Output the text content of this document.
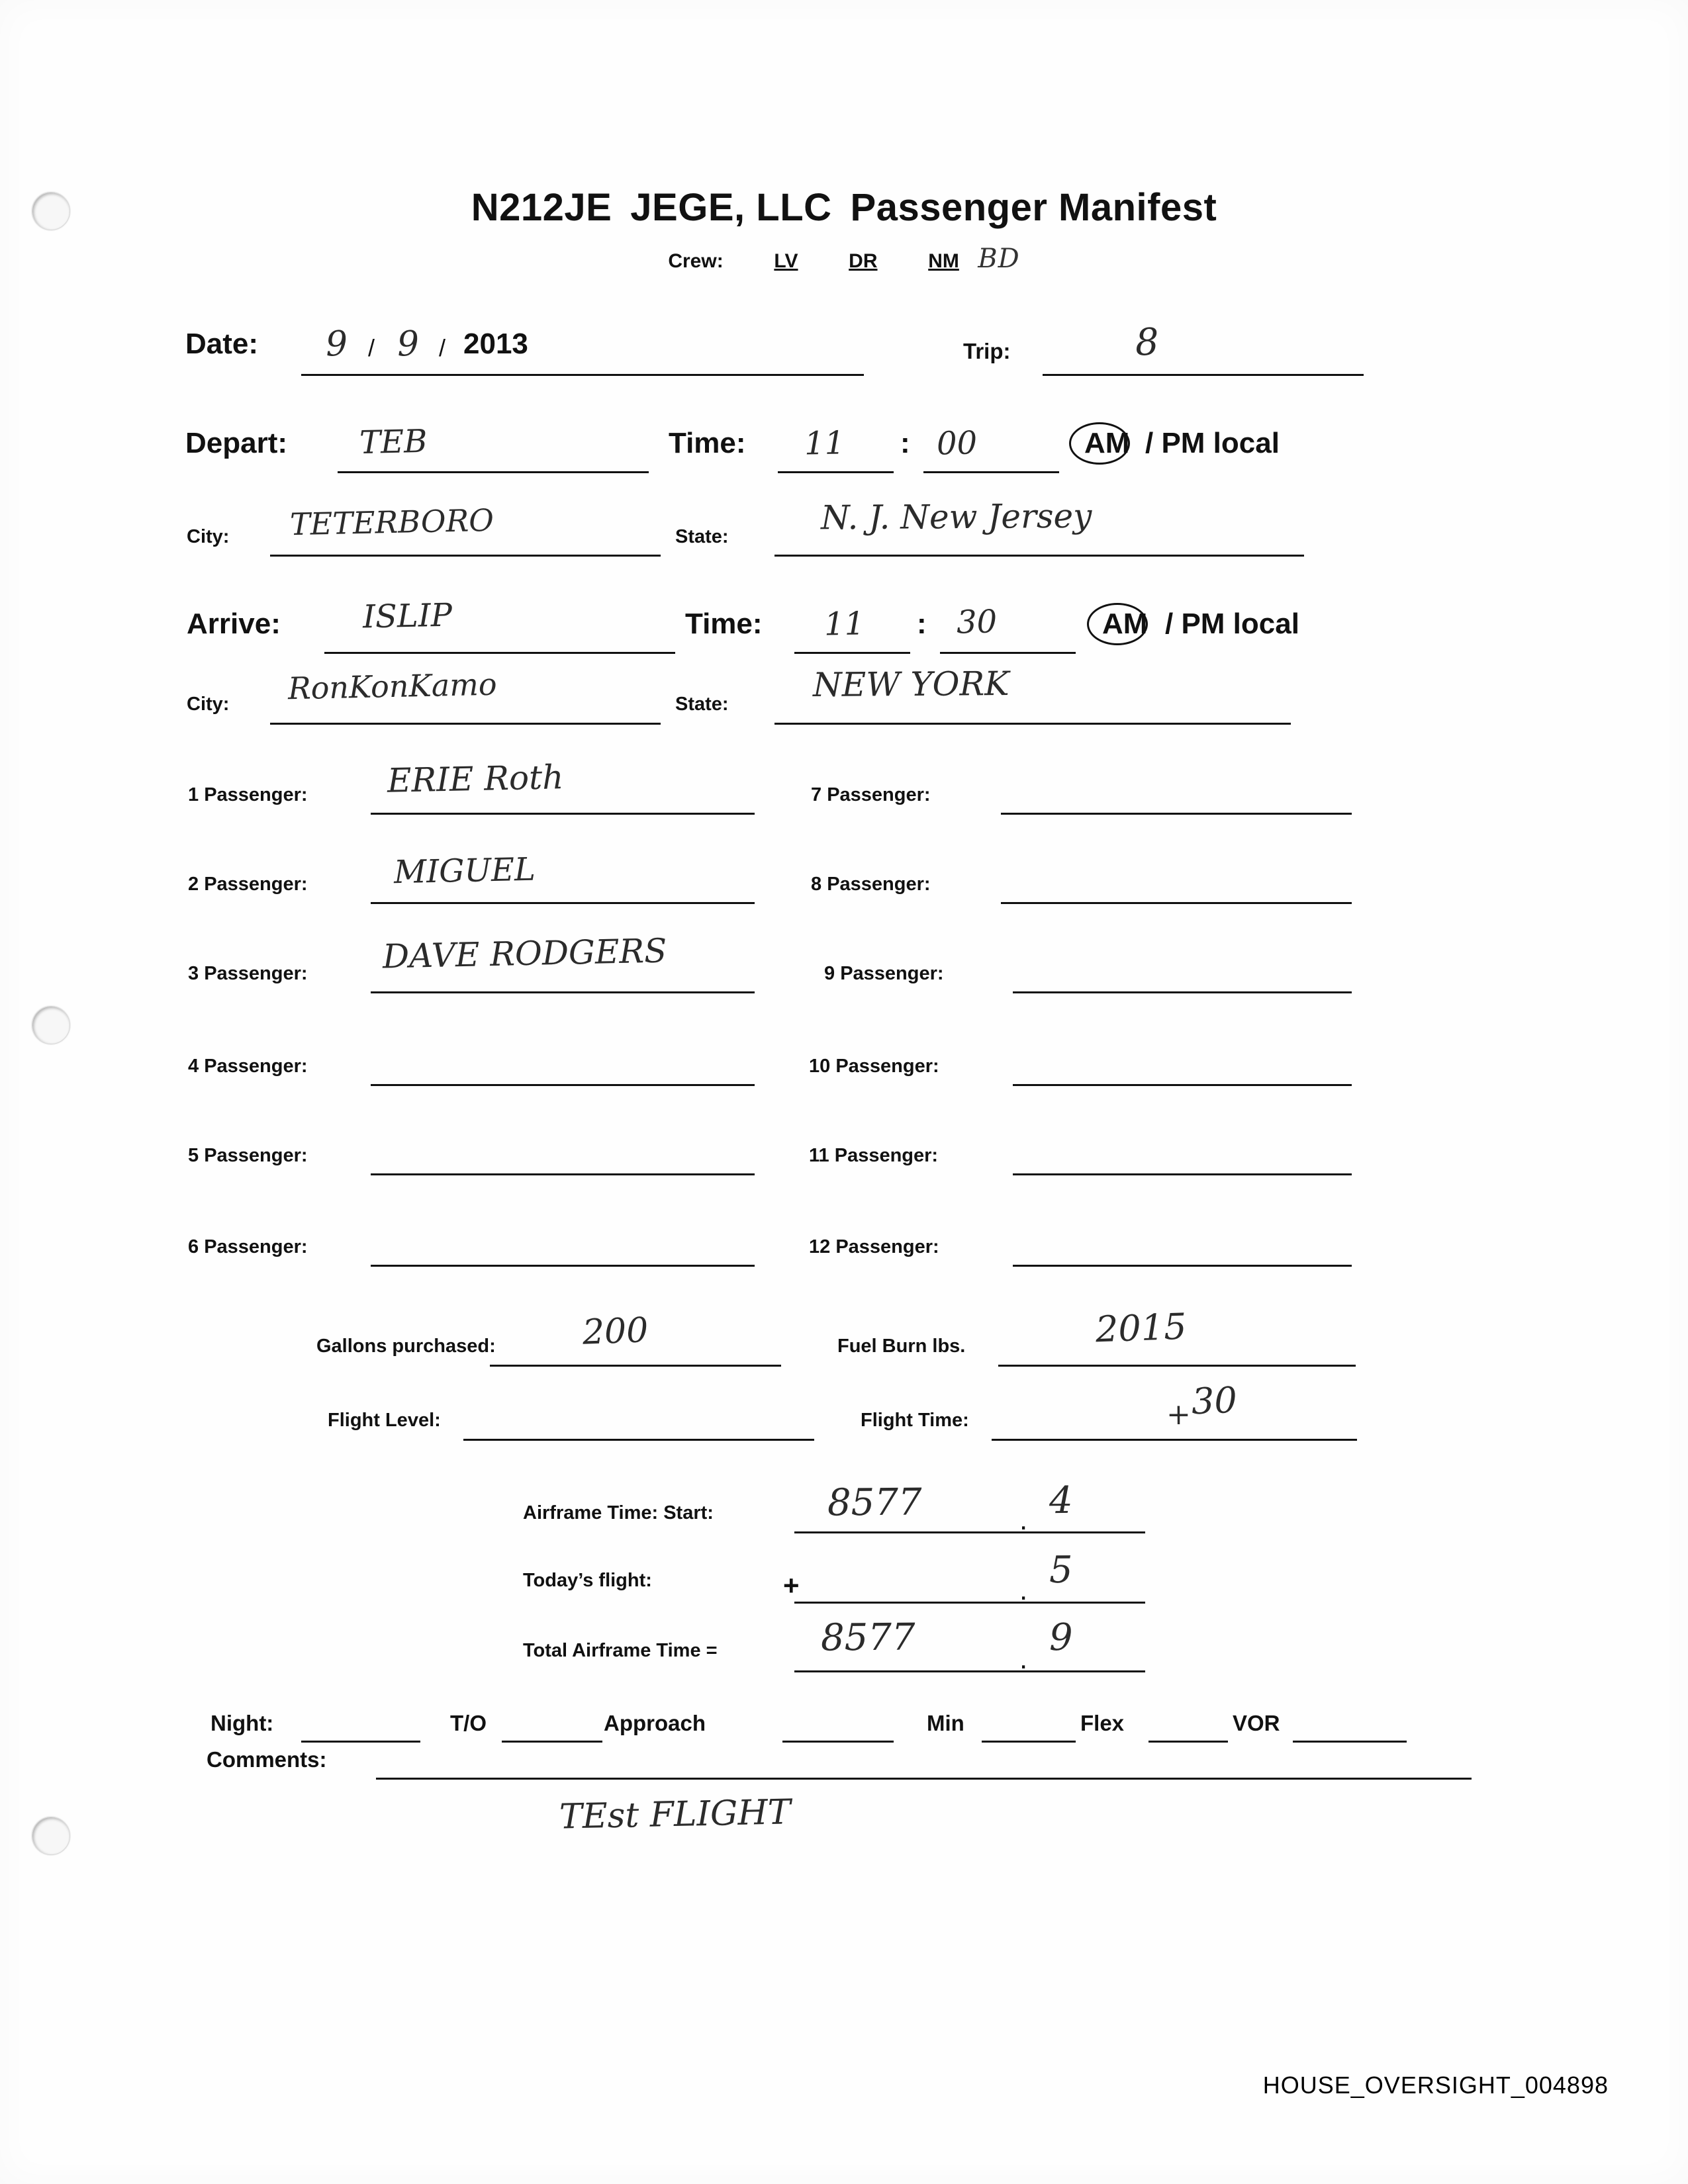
N212JE JEGE, LLC Passenger Manifest
Crew:	LV	DR	NM BD
Date: 9 / 9 / 2013	Trip:	8
Depart: TEB	Time: 11 : 00	AM / PM local
City: TETERBORO	State:	N. J. New Jersey
Arrive:	ISLIP	Time: 11 : 30	AM / PM local
City: RonKonKamo	State:	NEW YORK
1 Passenger: ERIE Roth
2 Passenger:	MIGUEL
3 Passenger: DAVE RODGERS
4 Passenger:
5 Passenger:
6 Passenger:
7 Passenger:
8 Passenger:
9 Passenger:
10 Passenger:
11 Passenger:
12 Passenger:
Gallons purchased:	200	Fuel Burn lbs.	2015
Flight Level:	Flight Time:	+ 30
Airframe Time: Start:	8577	. 4
Today’s flight:	+	. 5
Total Airframe Time =	8577	. 9
Night:	T/O	Approach	Min	Flex	VOR
Comments:
TEst FLIGHT
HOUSE_OVERSIGHT_004898
